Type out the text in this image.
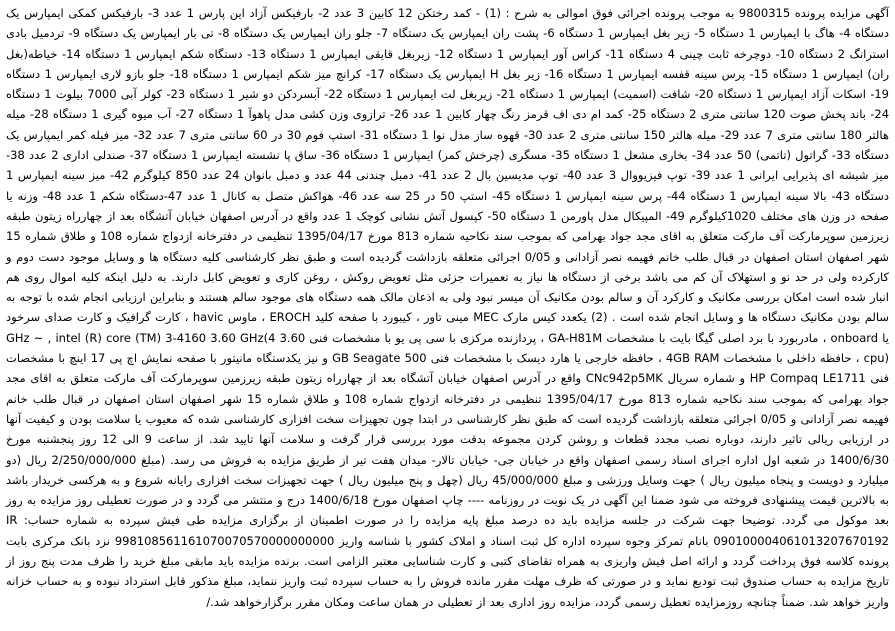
آگهی مزایده پرونده 9800315 به موجب پرونده اجرائی فوق اموالی به شرح : (1) - کمد رختکن 12 کابین 3 عدد 2- بارفیکس آزاد این پارس 1 عدد 3- بارفیکس کمکی ایمپارس یک دستگاه 4- هاگ با ایمپارس 1 دستگاه 5- زیر بغل ایمپارس 1 دستگاه 6- پشت ران ایمپارس یک دستگاه 7- جلو ران ایمپارس یک دستگاه 8- تی بار ایمپارس یک دستگاه 9- تردمیل بادی استرانگ 2 دستگاه 10- دوچرخه ثابت چینی 4 دستگاه 11- کراس آور ایمپارس 1 دستگاه 12- زیربغل قایقی ایمپارس 1 دستگاه 13- دستگاه شکم ایمپارس 1 دستگاه 14- خیاطه(بغل ران) ایمپارس 1 دستگاه 15- پرس سینه قفسه ایمپارس 1 دستگاه 16- زیر بغل H ایمپارس یک دستگاه 17- کرانچ میز شکم ایمپارس 1 دستگاه 18- جلو بازو لاری ایمپارس 1 دستگاه 19- اسکات آزاد ایمپارس 1 دستگاه 20- شافت (اسمیت) ایمپارس 1 دستگاه 21- زیربغل لت ایمپارس 1 دستگاه 22- آبسردکن دو شیر 1 دستگاه 23- کولر آبی 7000 بیلوت 1 دستگاه 24- باند پخش صوت 120 سانتی متری 2 دستگاه 25- کمد ام دی اف قرمز رنگ چهار کابین 1 عدد 26- ترازوی وزن کشی مدل پاهوآ 1 دستگاه 27- آب میوه گیری 1 دستگاه 28- میله هالتر 180 سانتی متری 7 عدد 29- میله هالتر 150 سانتی متری 2 عدد 30- قهوه ساز مدل نوا 1 دستگاه 31- استپ فوم 30 در 60 سانتی متری 7 عدد 32- میز فیله کمر ایمپارس یک دستگاه 33- گراتول (تاتمی) 50 عدد 34- بخاری مشعل 1 دستگاه 35- مسگری (چرخش کمر) ایمپارس 1 دستگاه 36- ساق پا نشسته ایمپارس 1 دستگاه 37- صندلی اداری 2 عدد 38- میز شیشه ای پذیرایی ایرانی 1 عدد 39- توپ فیزیووال 3 عدد 40- توپ مدیسین بال 2 عدد 41- دمبل چندنی 44 عدد و دمبل بانوان 24 عدد 850 کیلوگرم 42- میز سینه ایمپارس 1 دستگاه 43- بالا سینه ایمپارس 1 دستگاه 44- پرس سینه ایمپارس 1 دستگاه 45- استپ 50 در 25 سه عدد 46- هواکش متصل به کانال 1 عدد 47-دستگاه شکم 1 عدد 48- وزنه یا صفحه در وزن های مختلف 1020کیلوگرم 49- المپیکال مدل پاورمن 1 دستگاه 50- کپسول آتش نشانی کوچک 1 عدد واقع در آدرس اصفهان خیابان آتشگاه بعد از چهارراه زیتون طبقه زیرزمین سوپرمارکت آف مارکت متعلق به اقای مجد جواد بهرامی که بموجب سند نکاحیه شماره 813 مورخ 1395/04/17 تنظیمی در دفترخانه ازدواج شماره 108 و طلاق شماره 15 شهر اصفهان استان اصفهان در قبال طلب خانم فهیمه نصر آزادانی و 0/05 اجرائی متعلقه بازداشت گردیده است و طبق نظر کارشناسی کلیه دستگاه ها و وسایل موجود دست دوم و کارکرده ولی در حد نو و استهلاک آن کم می باشد برخی از دستگاه ها نیاز به تعمیرات جزئی مثل تعویض روکش ، روغن کاری و تعویض کابل دارند. به دلیل اینکه کلیه اموال روی هم انبار شده است امکان بررسی مکانیک و کارکرد آن و سالم بودن مکانیک آن میسر نبود ولی به اذعان مالک همه دستگاه های موجود سالم هستند و بنابراین ارزیابی انجام شده با توجه به سالم بودن مکانیک دستگاه ها و وسایل انجام شده است . (2) یکعدد کیس مارک MEC مینی تاور ، کیبورد با صفحه کلید EROCH ، ماوس havic ، کارت گرافیک و کارت صدای سرخود یا onboard ، مادربورد با برد اصلی گیگا بایت با مشخصات GA-H81M ، پردازنده مرکزی با سی پی یو با مشخصات فنی 3.60 GHz ~ , intel (R) core (TM) 3-4160 3.60 GHz(4 cpu) ، حافظه داخلی با مشخصات 4GB RAM ، حافظه خارجی یا هارد دیسک با مشخصات فنی 500 GB Seagate و نیز یکدستگاه مانیتور با صفحه نمایش اچ پی 17 اینچ با مشخصات فنی HP Compaq LE1711 و شماره سریال CNc942p5MK واقع در آدرس اصفهان خیابان آتشگاه بعد از چهارراه زیتون طبقه زیرزمین سوپرمارکت آف مارکت متعلق به اقای مجد جواد بهرامی که بموجب سند نکاحیه شماره 813 مورخ 1395/04/17 تنظیمی در دفترخانه ازدواج شماره 108 و طلاق شماره 15 شهر اصفهان استان اصفهان در قبال طلب خانم فهیمه نصر آزادانی و 0/05 اجرائی متعلقه بازداشت گردیده است که طبق نظر کارشناسی در ابتدا چون تجهیزات سخت افزاری کارشناسی شده که معیوب یا سلامت بودن و کیفیت آنها در ارزیابی ریالی تاثیر دارند، دوباره نصب مجدد قطعات و روشن کردن مجموعه بدقت مورد بررسی قرار گرفت و سلامت آنها تایید شد. از ساعت 9 الی 12 روز پنجشنبه مورخ 1400/6/30 در شعبه اول اداره اجرای اسناد رسمی اصفهان واقع در خیابان جی- خیابان تالار- میدان هفت تیر از طریق مزایده به فروش می رسد. (مبلغ 2/250/000/000 ریال (دو میلیارد و دویست و پنجاه میلیون ریال ) جهت وسایل ورزشی و مبلغ 45/000/000 ریال (چهل و پنج میلیون ریال ) جهت تجهیزات سخت افزاری رایانه شروع و به هرکسی خریدار باشد به بالاترین قیمت پیشنهادی فروخته می شود ضمنا این آگهی در یک نوبت در روزنامه ---- چاپ اصفهان مورخ 1400/6/18 درج و منتشر می گردد و در صورت تعطیلی روز مزایده به روز بعد موکول می گردد. توضیحا جهت شرکت در جلسه مزایده باید ده درصد مبلغ پایه مزایده را در صورت اطمینان از برگزاری مزایده طی فیش سپرده به شماره حساب: IR 090100004061013207670192 بانام تمرکز وجوه سپرده اداره کل ثبت اسناد و املاک کشور با شناسه واریز 998108561161070070570000000000 نزد بانک مرکزی بابت پرونده کلاسه فوق پرداخت گردد و ارائه اصل فیش واریزی به همراه تقاضای کتبی و کارت شناسایی معتبر الزامی است. برنده مزایده باید مابقی مبلغ خرید را ظرف مدت پنج روز از تاریخ مزایده به حساب صندوق ثبت تودیع نماید و در صورتی که ظرف مهلت مقرر مانده فروش را به حساب سپرده ثبت واریز ننماید، مبلغ مذکور قابل استرداد نبوده و به حساب خزانه واریز خواهد شد. ضمناً چنانچه روزمزایده تعطیل رسمی گردد، مزایده روز اداری بعد از تعطیلی در همان ساعت ومکان مقرر برگزارخواهد شد./
